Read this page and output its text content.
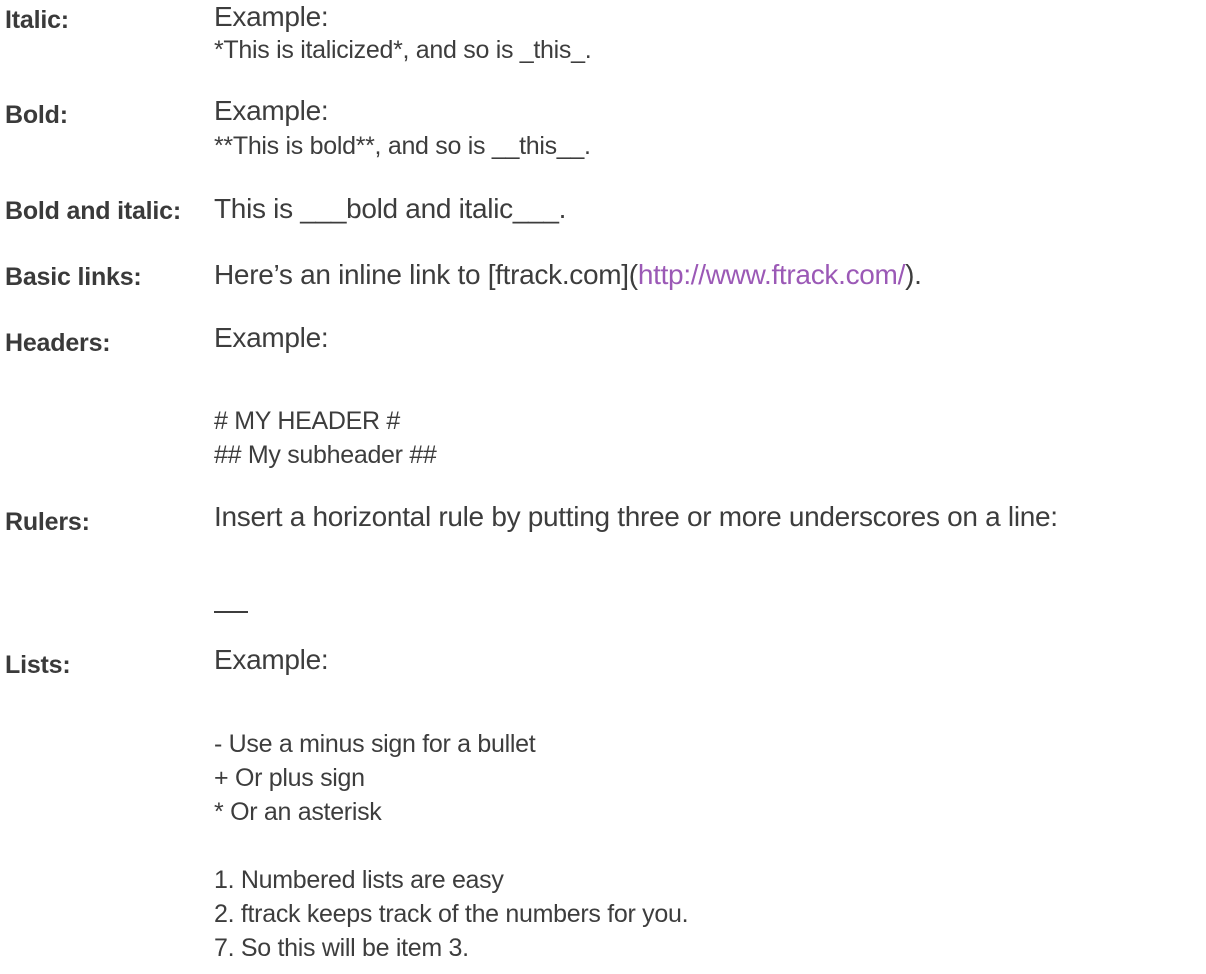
Italic:	Example:
*This is italicized*, and so is _this_.
Bold:	Example:
**This is bold**, and so is __this__.
Bold and italic: This is ___bold and italic___.
Basic links:	Here’s an inline link to [ftrack.com](http://www.ftrack.com/).
Headers:	Example:
# MY HEADER #
## My subheader ##
Rulers:	Insert a horizontal rule by putting three or more underscores on a line:
Lists:	Example:
- Use a minus sign for a bullet
+ Or plus sign
* Or an asterisk
1. Numbered lists are easy
2. ftrack keeps track of the numbers for you.
7. So this will be item 3.
